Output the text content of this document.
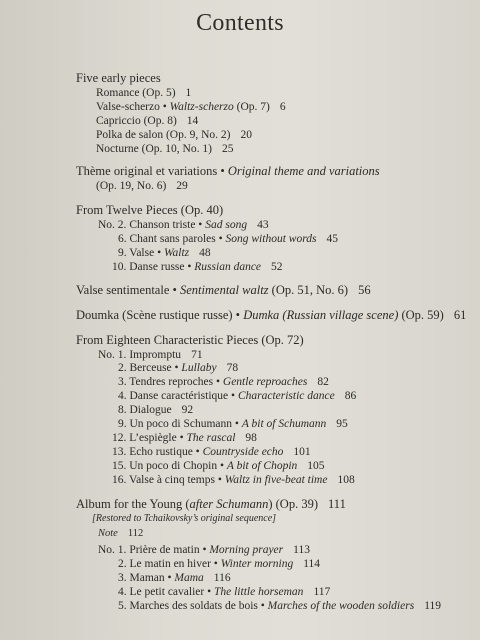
Contents
Five early pieces
Romance (Op. 5) 1
Valse-scherzo • Waltz-scherzo (Op. 7) 6
Capriccio (Op. 8) 14
Polka de salon (Op. 9, No. 2) 20
Nocturne (Op. 10, No. 1) 25
Thème original et variations • Original theme and variations
(Op. 19, No. 6) 29
From Twelve Pieces (Op. 40)
No. 2. Chanson triste • Sad song 43
6. Chant sans paroles • Song without words 45
9. Valse • Waltz 48
10. Danse russe • Russian dance 52
Valse sentimentale • Sentimental waltz (Op. 51, No. 6) 56
Doumka (Scène rustique russe) • Dumka (Russian village scene) (Op. 59) 61
From Eighteen Characteristic Pieces (Op. 72)
No. 1. Impromptu 71
2. Berceuse • Lullaby 78
3. Tendres reproches • Gentle reproaches 82
4. Danse caractéristique • Characteristic dance 86
8. Dialogue 92
9. Un poco di Schumann • A bit of Schumann 95
12. L’espiègle • The rascal 98
13. Echo rustique • Countryside echo 101
15. Un poco di Chopin • A bit of Chopin 105
16. Valse à cinq temps • Waltz in five-beat time 108
Album for the Young (after Schumann) (Op. 39) 111
[Restored to Tchaikovsky’s original sequence]
Note 112
No. 1. Prière de matin • Morning prayer 113
2. Le matin en hiver • Winter morning 114
3. Maman • Mama 116
4. Le petit cavalier • The little horseman 117
5. Marches des soldats de bois • Marches of the wooden soldiers 119
